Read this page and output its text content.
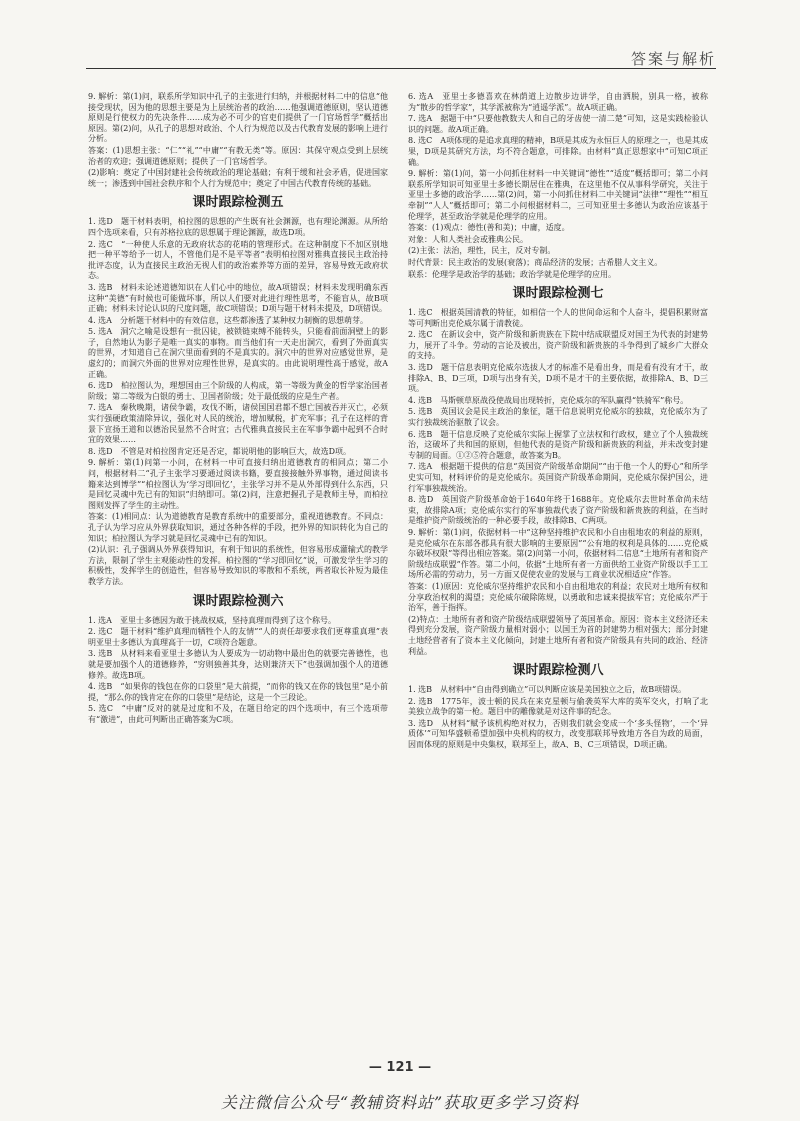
答案与解析
9. 解析：第(1)问，联系所学知识中孔子的主张进行归纳，并根据材料二中的信息“他接受现状，因为他的思想主要是为上层统治者的政治……他强调道德原则，坚认道德原则是行使权力的先决条件……成为必不可少的官吏们提供了一门官场哲学”概括出原因。第(2)问，从孔子的思想对政治、个人行为规范以及古代教育发展的影响上进行分析。
答案：(1)思想主张：“仁”“礼”“中庸”“有教无类”等。原因：其保守观点受到上层统治者的欢迎；强调道德原则；提供了一门官场哲学。
(2)影响：奠定了中国封建社会传统政治的理论基础；有利于缓和社会矛盾，促进国家统一；渗透到中国社会秩序和个人行为规范中；奠定了中国古代教育传统的基础。
课时跟踪检测五
1. 选D　题干材料表明，柏拉图的思想的产生既有社会渊源，也有理论渊源。从所给四个选项来看，只有苏格拉底的思想属于理论渊源，故选D项。
2. 选C　“一种使人乐意的无政府状态的花哨的管理形式。在这种制度下不加区别地把一种平等给予一切人，不管他们是不是平等者”表明柏拉图对雅典直接民主政治持批评态度，认为直接民主政治无视人们的政治素养等方面的差异，容易导致无政府状态。
3. 选B　材料未论述道德知识在人们心中的地位，故A项错误；材料未发现明确东西这种“美德”有时候也可能做坏事，所以人们要对此进行理性思考，不能盲从，故B项正确；材料未讨论认识的尺度问题，故C项错误；D项与题干材料未提及，D项错误。
4. 选A　分析题干材料中的有效信息，这些都渗透了某种权力制衡的思想萌芽。
5. 选A　洞穴之喻是设想有一批囚徒，被锁链束缚不能转头，只能看前面洞壁上的影子，自然地认为影子是唯一真实的事物。而当他们有一天走出洞穴，看到了外面真实的世界，才知道自己在洞穴里面看到的不是真实的。洞穴中的世界对应感觉世界，是虚幻的；而洞穴外面的世界对应理性世界，是真实的。由此说明理性高于感觉，故A正确。
6. 选D　柏拉图认为，理想国由三个阶级的人构成，第一等级为黄金的哲学家治国者阶级；第二等级为白银的勇士、卫国者阶级；处于最低级的应是生产者。
7. 选A　秦秋晚期，诸侯争霸，攻伐不断，诸侯国国君都不想亡国被吞并灭亡，必须实行强硬政策清除异议，强化对人民的统治，增加赋税，扩充军事；孔子在这样的背景下宣扬王道和以德治民显然不合时宜；古代雅典直接民主在军事争霸中起到不合时宜的效果……
8. 选D　不管是对柏拉图肯定还是否定，都说明他的影响巨大，故选D项。
9. 解析：第(1)问第一小问，在材料一中可直接归纳出道德教育的相同点；第二小问，根据材料二“孔子主张学习要通过阅读书籍，要直接接触外界事物，通过阅读书籍来达到博学”“柏拉图认为‘学习即回忆’，主张学习并不是从外部得到什么东西，只是回忆灵魂中先已有的知识”归纳即可。第(2)问，注意把握孔子是教师主导，而柏拉图则发挥了学生的主动性。
答案：(1)相同点：认为道德教育是教育系统中的重要部分，重视道德教育。不同点：孔子认为学习应从外界获取知识，通过各种各样的手段，把外界的知识转化为自己的知识；柏拉图认为学习就是回忆灵魂中已有的知识。
(2)认识：孔子强调从外界获得知识，有利于知识的系统性，但容易形成灌输式的教学方法，限制了学生主观能动性的发挥。柏拉图的“学习即回忆”说，可激发学生学习的积极性，发挥学生的创造性，但容易导致知识的零散和不系统，两者取长补短为最佳教学方法。
课时跟踪检测六
1. 选A　亚里士多德因为敢于挑战权威，坚持真理而得到了这个称号。
2. 选C　题干材料“维护真理而牺牲个人的友情”“人的责任却要求我们更尊重真理”表明亚里士多德认为真理高于一切，C项符合题意。
3. 选B　从材料来看亚里士多德认为人要成为一切动物中最出色的就要完善德性，也就是要加强个人的道德修养，“穷则独善其身，达则兼济天下”也强调加强个人的道德修养。故选B项。
4. 选B　“如果你的钱包在你的口袋里”是大前提，“而你的钱又在你的钱包里”是小前提，“那么你的钱肯定在你的口袋里”是结论，这是一个三段论。
5. 选C　“中庸”反对的就是过度和不及，在题目给定的四个选项中，有三个选项带有“激进”，由此可判断出正确答案为C项。
6. 选A　亚里士多德喜欢在林荫道上边散步边讲学，自由洒脱，别具一格，被称为“散步的哲学家”，其学派被称为“逍遥学派”。故A项正确。
7. 选A　据题干中“只要他教数夫人和自己的牙齿使一清二楚”可知，这是实践检验认识的问题。故A项正确。
8. 选C　A项体现的是追求真理的精神，B项是其成为永恒巨人的原理之一，也是其成果，D项是其研究方法，均不符合题意，可排除。由材料“真正思想家中”可知C项正确。
9. 解析：第(1)问，第一小问抓住材料一中关键词“德性”“适度”概括即可；第二小问联系所学知识可知亚里士多德长期居住在雅典，在这里他不仅从事科学研究，关注于亚里士多德的政治学……第(2)问，第一小问抓住材料二中关键词“法律”“理性”“相互牵制”“人人”概括即可；第二小问根据材料二，三可知亚里士多德认为政治应该基于伦理学，甚至政治学就是伦理学的应用。
答案：(1)观点：德性(善和美)；中庸，适度。
对象：人和人类社会或雅典公民。
(2)主张：法治，理性，民主，反对专制。
时代背景：民主政治的发展(衰落)；商品经济的发展；古希腊人文主义。
联系：伦理学是政治学的基础；政治学就是伦理学的应用。
课时跟踪检测七
1. 选C　根据英国清教的特征，如相信一个人的世间命运和个人奋斗，提倡积累财富等可判断出克伦威尔属于清教徒。
2. 选C　在新议会中，资产阶级和新贵族在下院中结成联盟反对国王为代表的封建势力，展开了斗争。劳动的言论及被出，资产阶级和新贵族的斗争得到了城乡广大群众的支持。
3. 选D　题干信息表明克伦威尔选拔人才的标准不是看出身，而是看有没有才干，故排除A、B、D三项，D项与出身有关，D项不是才干的主要依据，故排除A、B、D三项。
4. 选B　马斯顿草原战役使战局出现转折，克伦威尔的军队赢得“铁骑军”称号。
5. 选B　英国议会是民主政治的象征，题干信息说明克伦威尔的独裁，克伦威尔为了实行独裁统治驱散了议会。
6. 选B　题干信息反映了克伦威尔实际上握掌了立法权和行政权，建立了个人独裁统治，这破坏了共和国的原则，但他代表的是资产阶级和新贵族的利益，并未改变封建专制的局面。①②⑤符合题意，故答案为B。
7. 选A　根据题干提供的信息“英国资产阶级革命期间”“由于他一个人的野心”和所学史实可知，材料评价的是克伦威尔。英国资产阶级革命期间，克伦威尔保护国公，进行军事独裁统治。
8. 选D　英国资产阶级革命始于1640年终于1688年。克伦威尔去世时革命尚未结束，故排除A项；克伦威尔实行的军事独裁代表了资产阶级和新贵族的利益，在当时是维护资产阶级统治的一种必要手段，故排除B、C两项。
9. 解析：第(1)问，依据材料一中“这种坚持维护农民和小自由租地农的利益的原则，是克伦威尔在东部各郡具有很大影响的主要原因”“公有地的权利是具体的……克伦威尔破坏权限”等得出相应答案。第(2)问第一小问，依据材料二信息“土地所有者和资产阶级结成联盟”作答。第二小问，依据“土地所有者一方面供给工业资产阶级以手工工场所必需的劳动力，另一方面又促使农业的发展与工商业状况相适应”作答。
答案：(1)原因：克伦威尔坚持维护农民和小自由租地农的利益；农民对土地所有权和分享政治权利的渴望；克伦威尔破除陈规，以勇敢和忠诚来提拔军官；克伦威尔严于治军，善于指挥。
(2)特点：土地所有者和资产阶级结成联盟领导了英国革命。原因：资本主义经济还未得到充分发展，资产阶级力量相对弱小；以国王为首的封建势力相对强大；部分封建土地经营者有了资本主义化倾向，封建土地所有者和资产阶级具有共同的政治、经济利益。
课时跟踪检测八
1. 选B　从材料中“自由得到确立”可以判断应该是美国独立之后，故B项错误。
2. 选B　1775年，波士顿的民兵在来克星顿与偷袭英军大库的英军交火，打响了北美独立战争的第一枪。题目中的雕像就是对这件事的纪念。
3. 选D　从材料“赋予该机构绝对权力，否则我们就会变成一个‘多头怪物’，一个‘异质体’”可知华盛顿希望加强中央机构的权力，改变那联邦导致地方各自为政的局面，因而体现的原则是中央集权，联邦至上，故A、B、C三项错误，D项正确。
— 121 —
关注微信公众号“教辅资料站”获取更多学习资料
